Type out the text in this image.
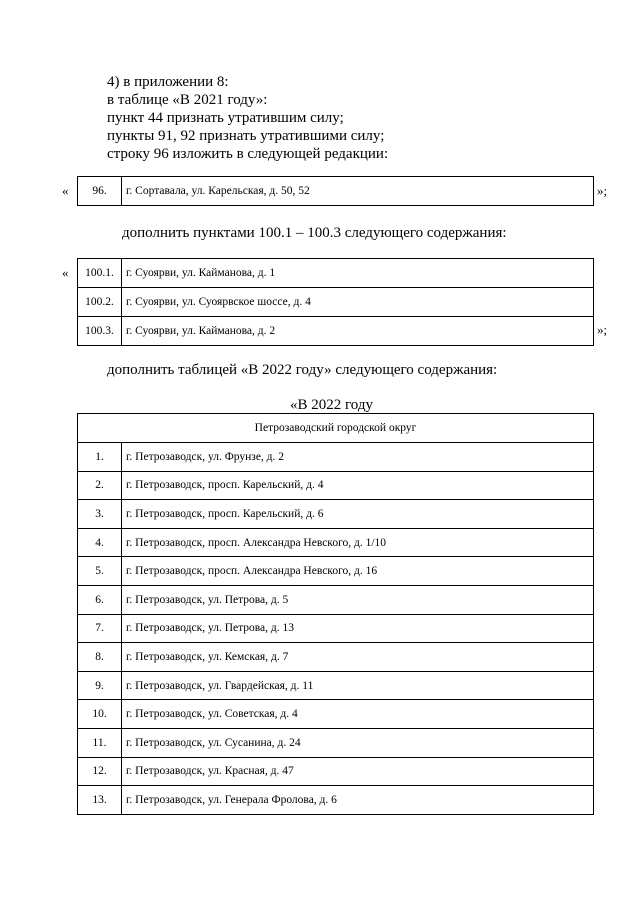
4) в приложении 8:
в таблице «В 2021 году»:
пункт 44 признать утратившим силу;
пункты 91, 92 признать утратившими силу;
строку 96 изложить в следующей редакции:
« 96.	г. Сортавала, ул. Карельская, д. 50, 52	»;
дополнить пунктами 100.1 – 100.3 следующего содержания:
« 100.1.	г. Суоярви, ул. Кайманова, д. 1
100.2.	г. Суоярви, ул. Суоярвское шоссе, д. 4
100.3.	г. Суоярви, ул. Кайманова, д. 2	»;
дополнить таблицей «В 2022 году» следующего содержания:
«В 2022 году
Петрозаводский городской округ	
1.	г. Петрозаводск, ул. Фрунзе, д. 2
2.	г. Петрозаводск, просп. Карельский, д. 4
3.	г. Петрозаводск, просп. Карельский, д. 6
4.	г. Петрозаводск, просп. Александра Невского, д. 1/10
5.	г. Петрозаводск, просп. Александра Невского, д. 16
6.	г. Петрозаводск, ул. Петрова, д. 5
7.	г. Петрозаводск, ул. Петрова, д. 13
8.	г. Петрозаводск, ул. Кемская, д. 7
9.	г. Петрозаводск, ул. Гвардейская, д. 11
10.	г. Петрозаводск, ул. Советская, д. 4
11.	г. Петрозаводск, ул. Сусанина, д. 24
12.	г. Петрозаводск, ул. Красная, д. 47
13.	г. Петрозаводск, ул. Генерала Фролова, д. 6
